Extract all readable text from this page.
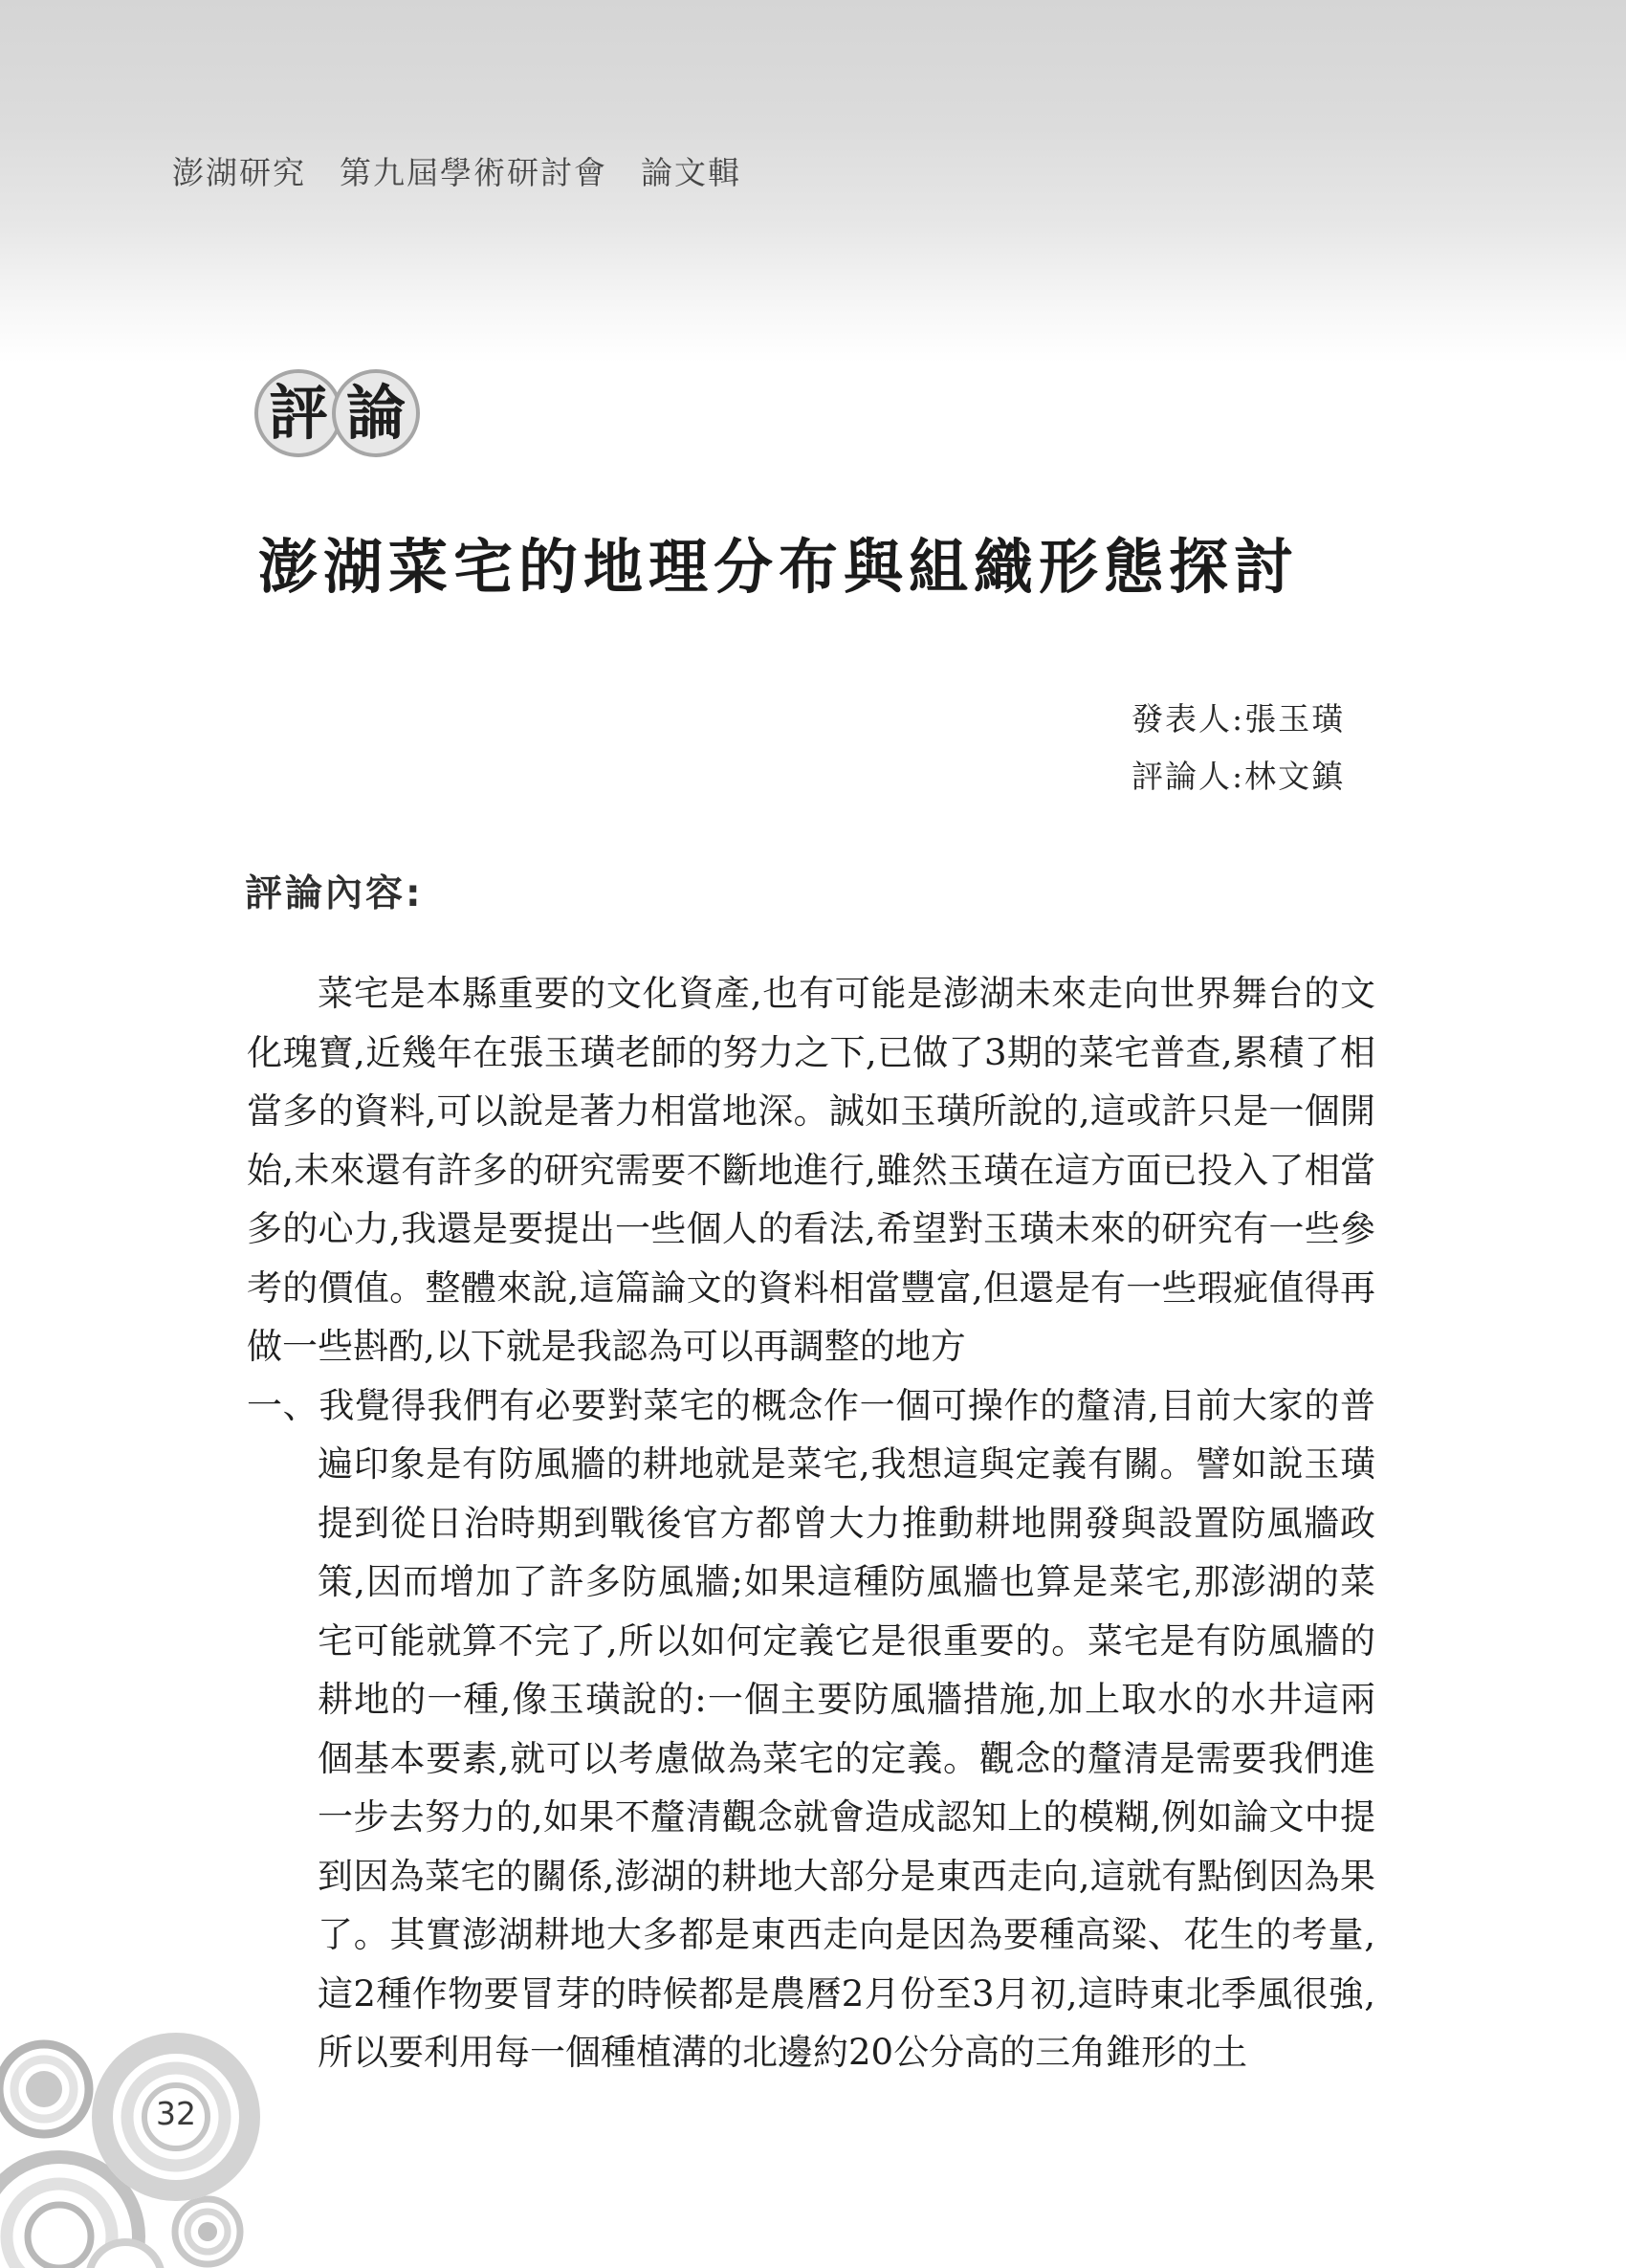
澎湖研究　第九屆學術研討會　論文輯
評 論
澎湖菜宅的地理分布與組織形態探討
發表人:張玉璜
評論人:林文鎮
評論內容:

菜宅是本縣重要的文化資產,也有可能是澎湖未來走向世界舞台的文化瑰寶,近幾年在張玉璜老師的努力之下,已做了3期的菜宅普查,累積了相當多的資料,可以說是著力相當地深。誠如玉璜所說的,這或許只是一個開始,未來還有許多的研究需要不斷地進行,雖然玉璜在這方面已投入了相當多的心力,我還是要提出一些個人的看法,希望對玉璜未來的研究有一些參考的價值。整體來說,這篇論文的資料相當豐富,但還是有一些瑕疵值得再做一些斟酌,以下就是我認為可以再調整的地方

一、我覺得我們有必要對菜宅的概念作一個可操作的釐清,目前大家的普遍印象是有防風牆的耕地就是菜宅,我想這與定義有關。譬如說玉璜提到從日治時期到戰後官方都曾大力推動耕地開發與設置防風牆政策,因而增加了許多防風牆;如果這種防風牆也算是菜宅,那澎湖的菜宅可能就算不完了,所以如何定義它是很重要的。菜宅是有防風牆的耕地的一種,像玉璜說的:一個主要防風牆措施,加上取水的水井這兩個基本要素,就可以考慮做為菜宅的定義。觀念的釐清是需要我們進一步去努力的,如果不釐清觀念就會造成認知上的模糊,例如論文中提到因為菜宅的關係,澎湖的耕地大部分是東西走向,這就有點倒因為果了。其實澎湖耕地大多都是東西走向是因為要種高粱、花生的考量,這2種作物要冒芽的時候都是農曆2月份至3月初,這時東北季風很強,所以要利用每一個種植溝的北邊約20公分高的三角錐形的土

32
